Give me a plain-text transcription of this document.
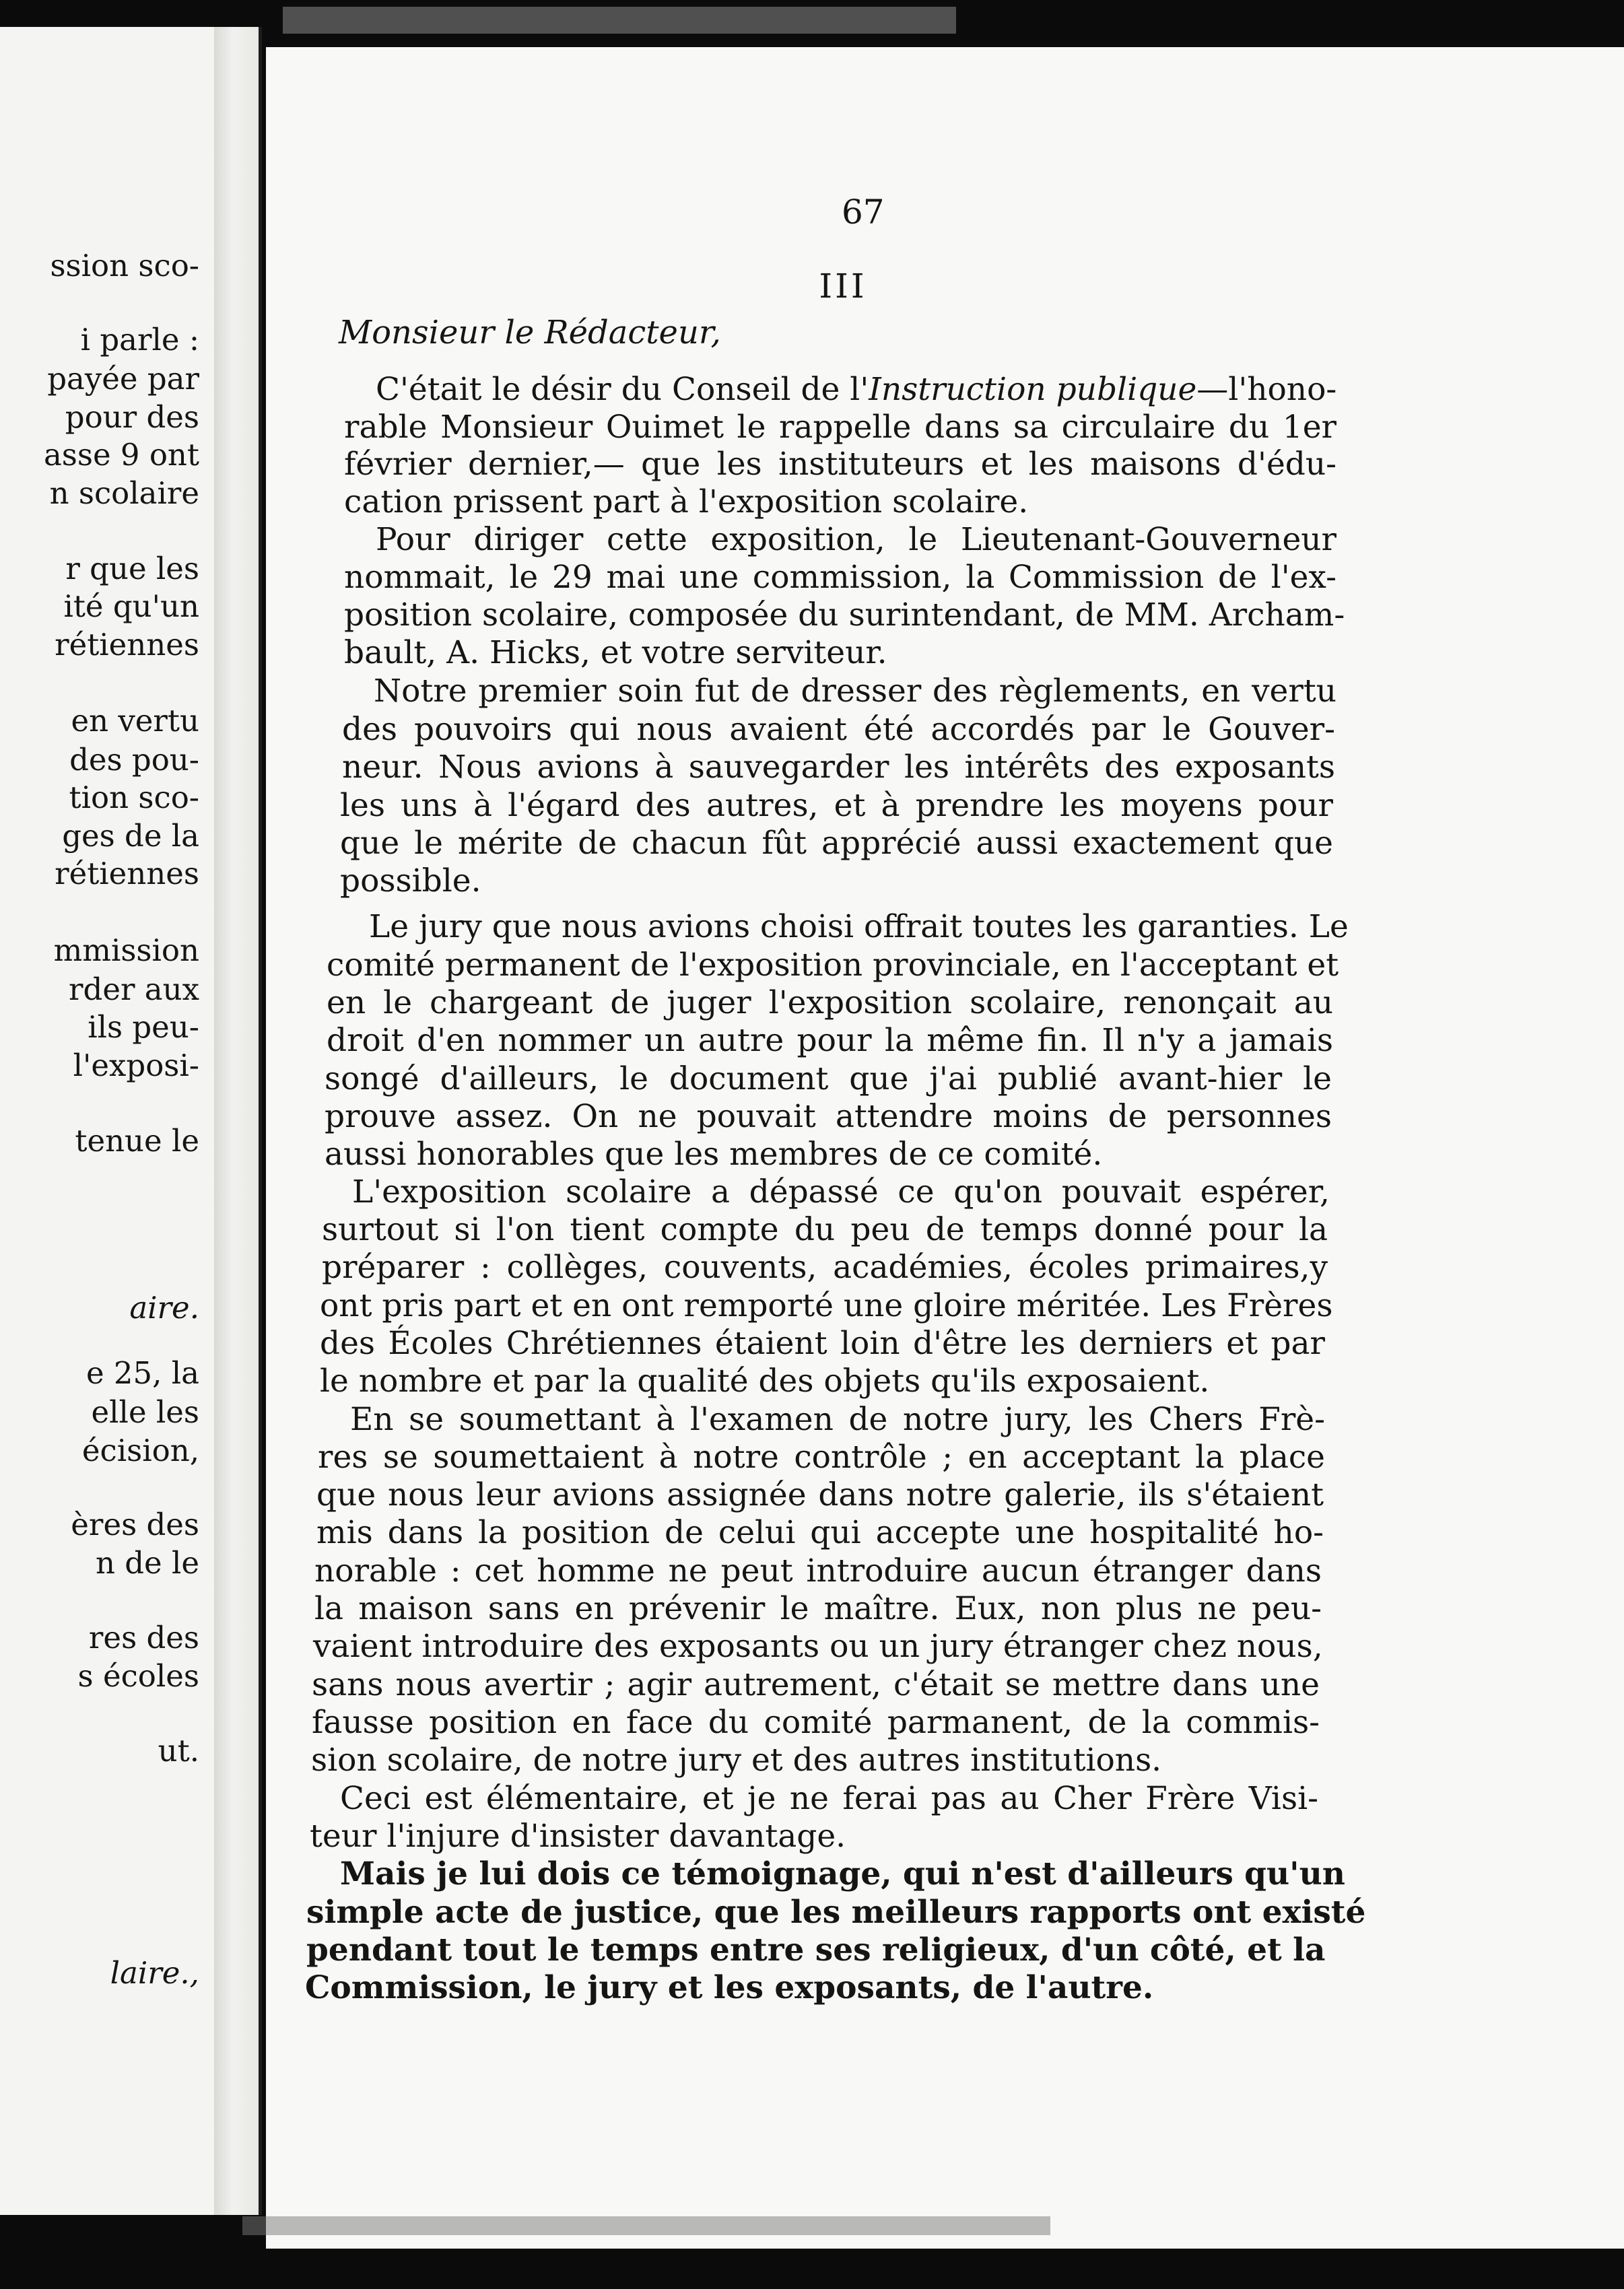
ssion sco-
i parle :
payée par
pour des
asse 9 ont
n scolaire
r que les
ité qu'un
rétiennes
en vertu
des pou-
tion sco-
ges de la
rétiennes
mmission
rder aux
ils peu-
l'exposi-
tenue le
aire.
e 25, la
elle les
écision,
ères des
n de le
res des
s écoles
ut.
laire.,
III
Monsieur le Rédacteur,
C'était le désir du Conseil de l'Instruction publique—l'hono-
rable Monsieur Ouimet le rappelle dans sa circulaire du 1er
février dernier,— que les instituteurs et les maisons d'édu-
cation prissent part à l'exposition scolaire.
Pour diriger cette exposition, le Lieutenant-Gouverneur
nommait, le 29 mai une commission, la Commission de l'ex-
position scolaire, composée du surintendant, de MM. Archam-
bault, A. Hicks, et votre serviteur.
Notre premier soin fut de dresser des règlements, en vertu
des pouvoirs qui nous avaient été accordés par le Gouver-
neur. Nous avions à sauvegarder les intérêts des exposants
les uns à l'égard des autres, et à prendre les moyens pour
que le mérite de chacun fût apprécié aussi exactement que
possible.
Le jury que nous avions choisi offrait toutes les garanties. Le
comité permanent de l'exposition provinciale, en l'acceptant et
en le chargeant de juger l'exposition scolaire, renonçait au
droit d'en nommer un autre pour la même fin. Il n'y a jamais
songé d'ailleurs, le document que j'ai publié avant-hier le
prouve assez. On ne pouvait attendre moins de personnes
aussi honorables que les membres de ce comité.
L'exposition scolaire a dépassé ce qu'on pouvait espérer,
surtout si l'on tient compte du peu de temps donné pour la
préparer : collèges, couvents, académies, écoles primaires,y
ont pris part et en ont remporté une gloire méritée. Les Frères
des Écoles Chrétiennes étaient loin d'être les derniers et par
le nombre et par la qualité des objets qu'ils exposaient.
En se soumettant à l'examen de notre jury, les Chers Frè-
res se soumettaient à notre contrôle ; en acceptant la place
que nous leur avions assignée dans notre galerie, ils s'étaient
mis dans la position de celui qui accepte une hospitalité ho-
norable : cet homme ne peut introduire aucun étranger dans
la maison sans en prévenir le maître. Eux, non plus ne peu-
vaient introduire des exposants ou un jury étranger chez nous,
sans nous avertir ; agir autrement, c'était se mettre dans une
fausse position en face du comité parmanent, de la commis-
sion scolaire, de notre jury et des autres institutions.
Ceci est élémentaire, et je ne ferai pas au Cher Frère Visi-
teur l'injure d'insister davantage.
Mais je lui dois ce témoignage, qui n'est d'ailleurs qu'un
simple acte de justice, que les meilleurs rapports ont existé
pendant tout le temps entre ses religieux, d'un côté, et la
Commission, le jury et les exposants, de l'autre.
